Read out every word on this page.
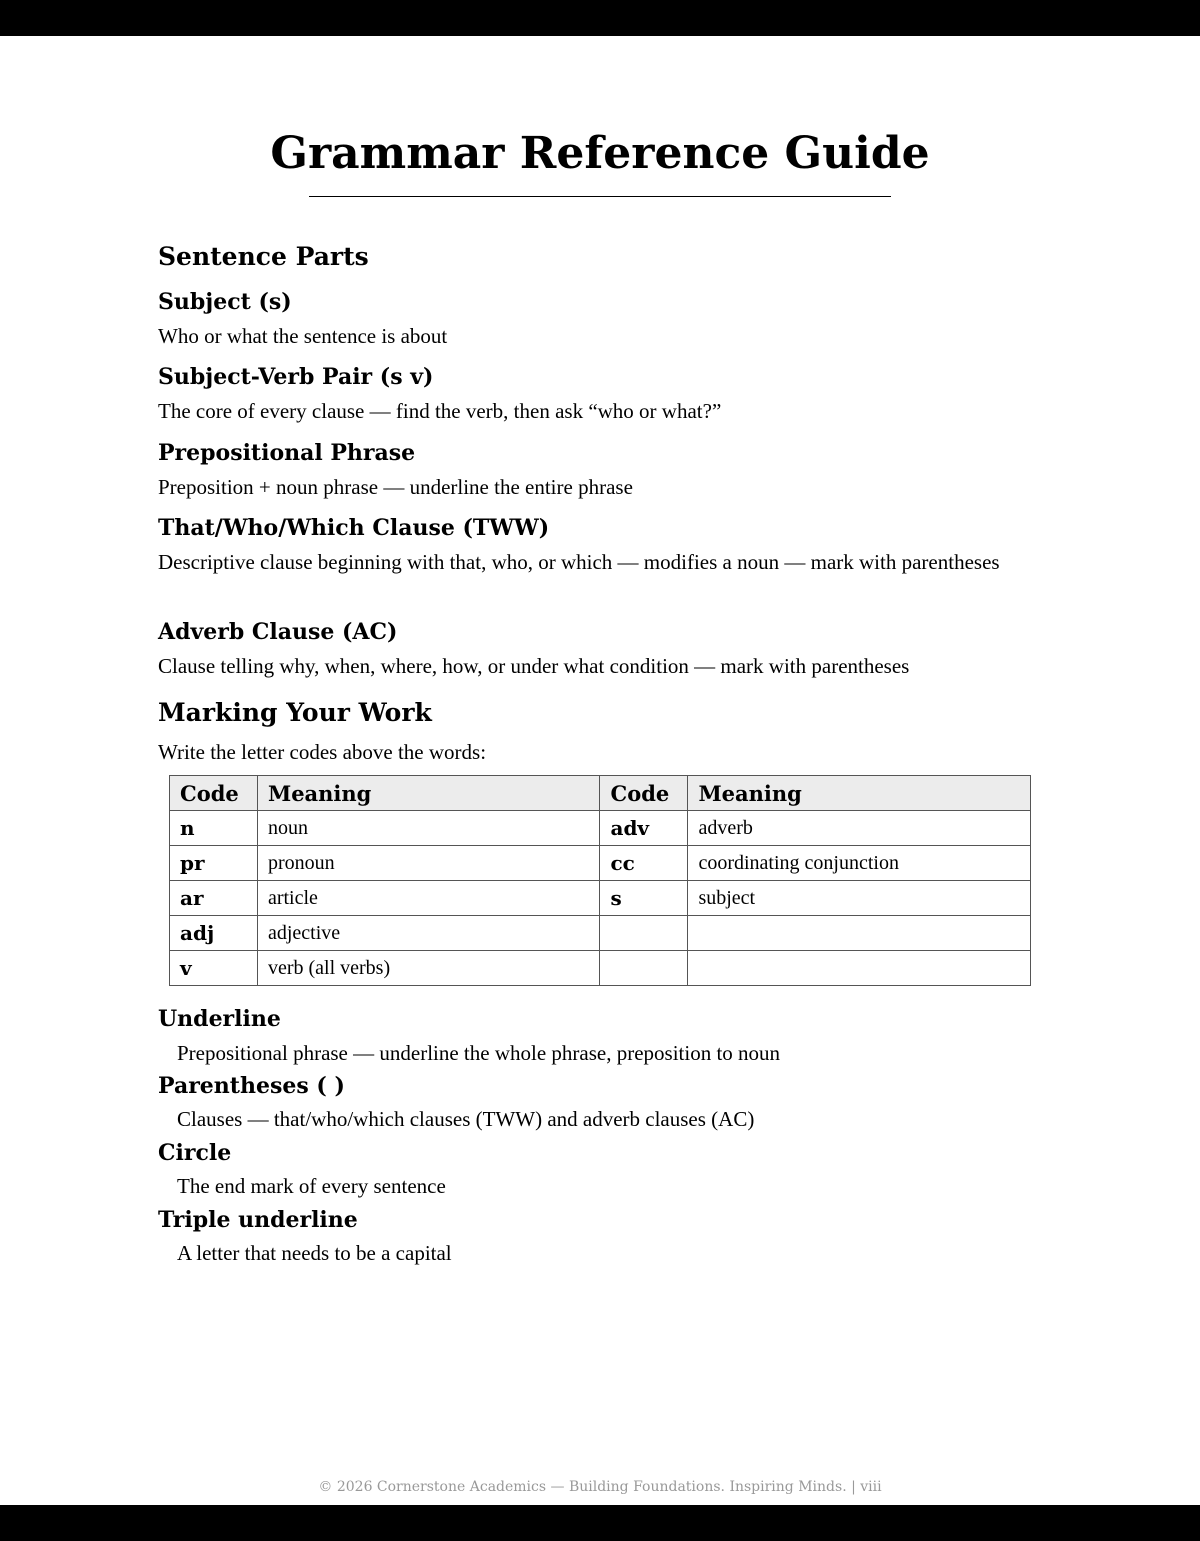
Grammar Reference Guide
Sentence Parts
Subject (s)

Who or what the sentence is about

Subject-Verb Pair (s v)

The core of every clause — find the verb, then ask “who or what?”

Prepositional Phrase

Preposition + noun phrase — underline the entire phrase

That/Who/Which Clause (TWW)

Descriptive clause beginning with that, who, or which — modifies a noun — mark with parentheses

Adverb Clause (AC)

Clause telling why, when, where, how, or under what condition — mark with parentheses

Marking Your Work

Write the letter codes above the words:

Code	Meaning	Code	Meaning
n	noun	adv	adverb
pr	pronoun	cc	coordinating conjunction
ar	article	s	subject
adj	adjective		
v	verb (all verbs)		
Underline

Prepositional phrase — underline the whole phrase, preposition to noun

Parentheses ( )

Clauses — that/who/which clauses (TWW) and adverb clauses (AC)

Circle

The end mark of every sentence

Triple underline

A letter that needs to be a capital

© 2026 Cornerstone Academics — Building Foundations. Inspiring Minds. | viii
